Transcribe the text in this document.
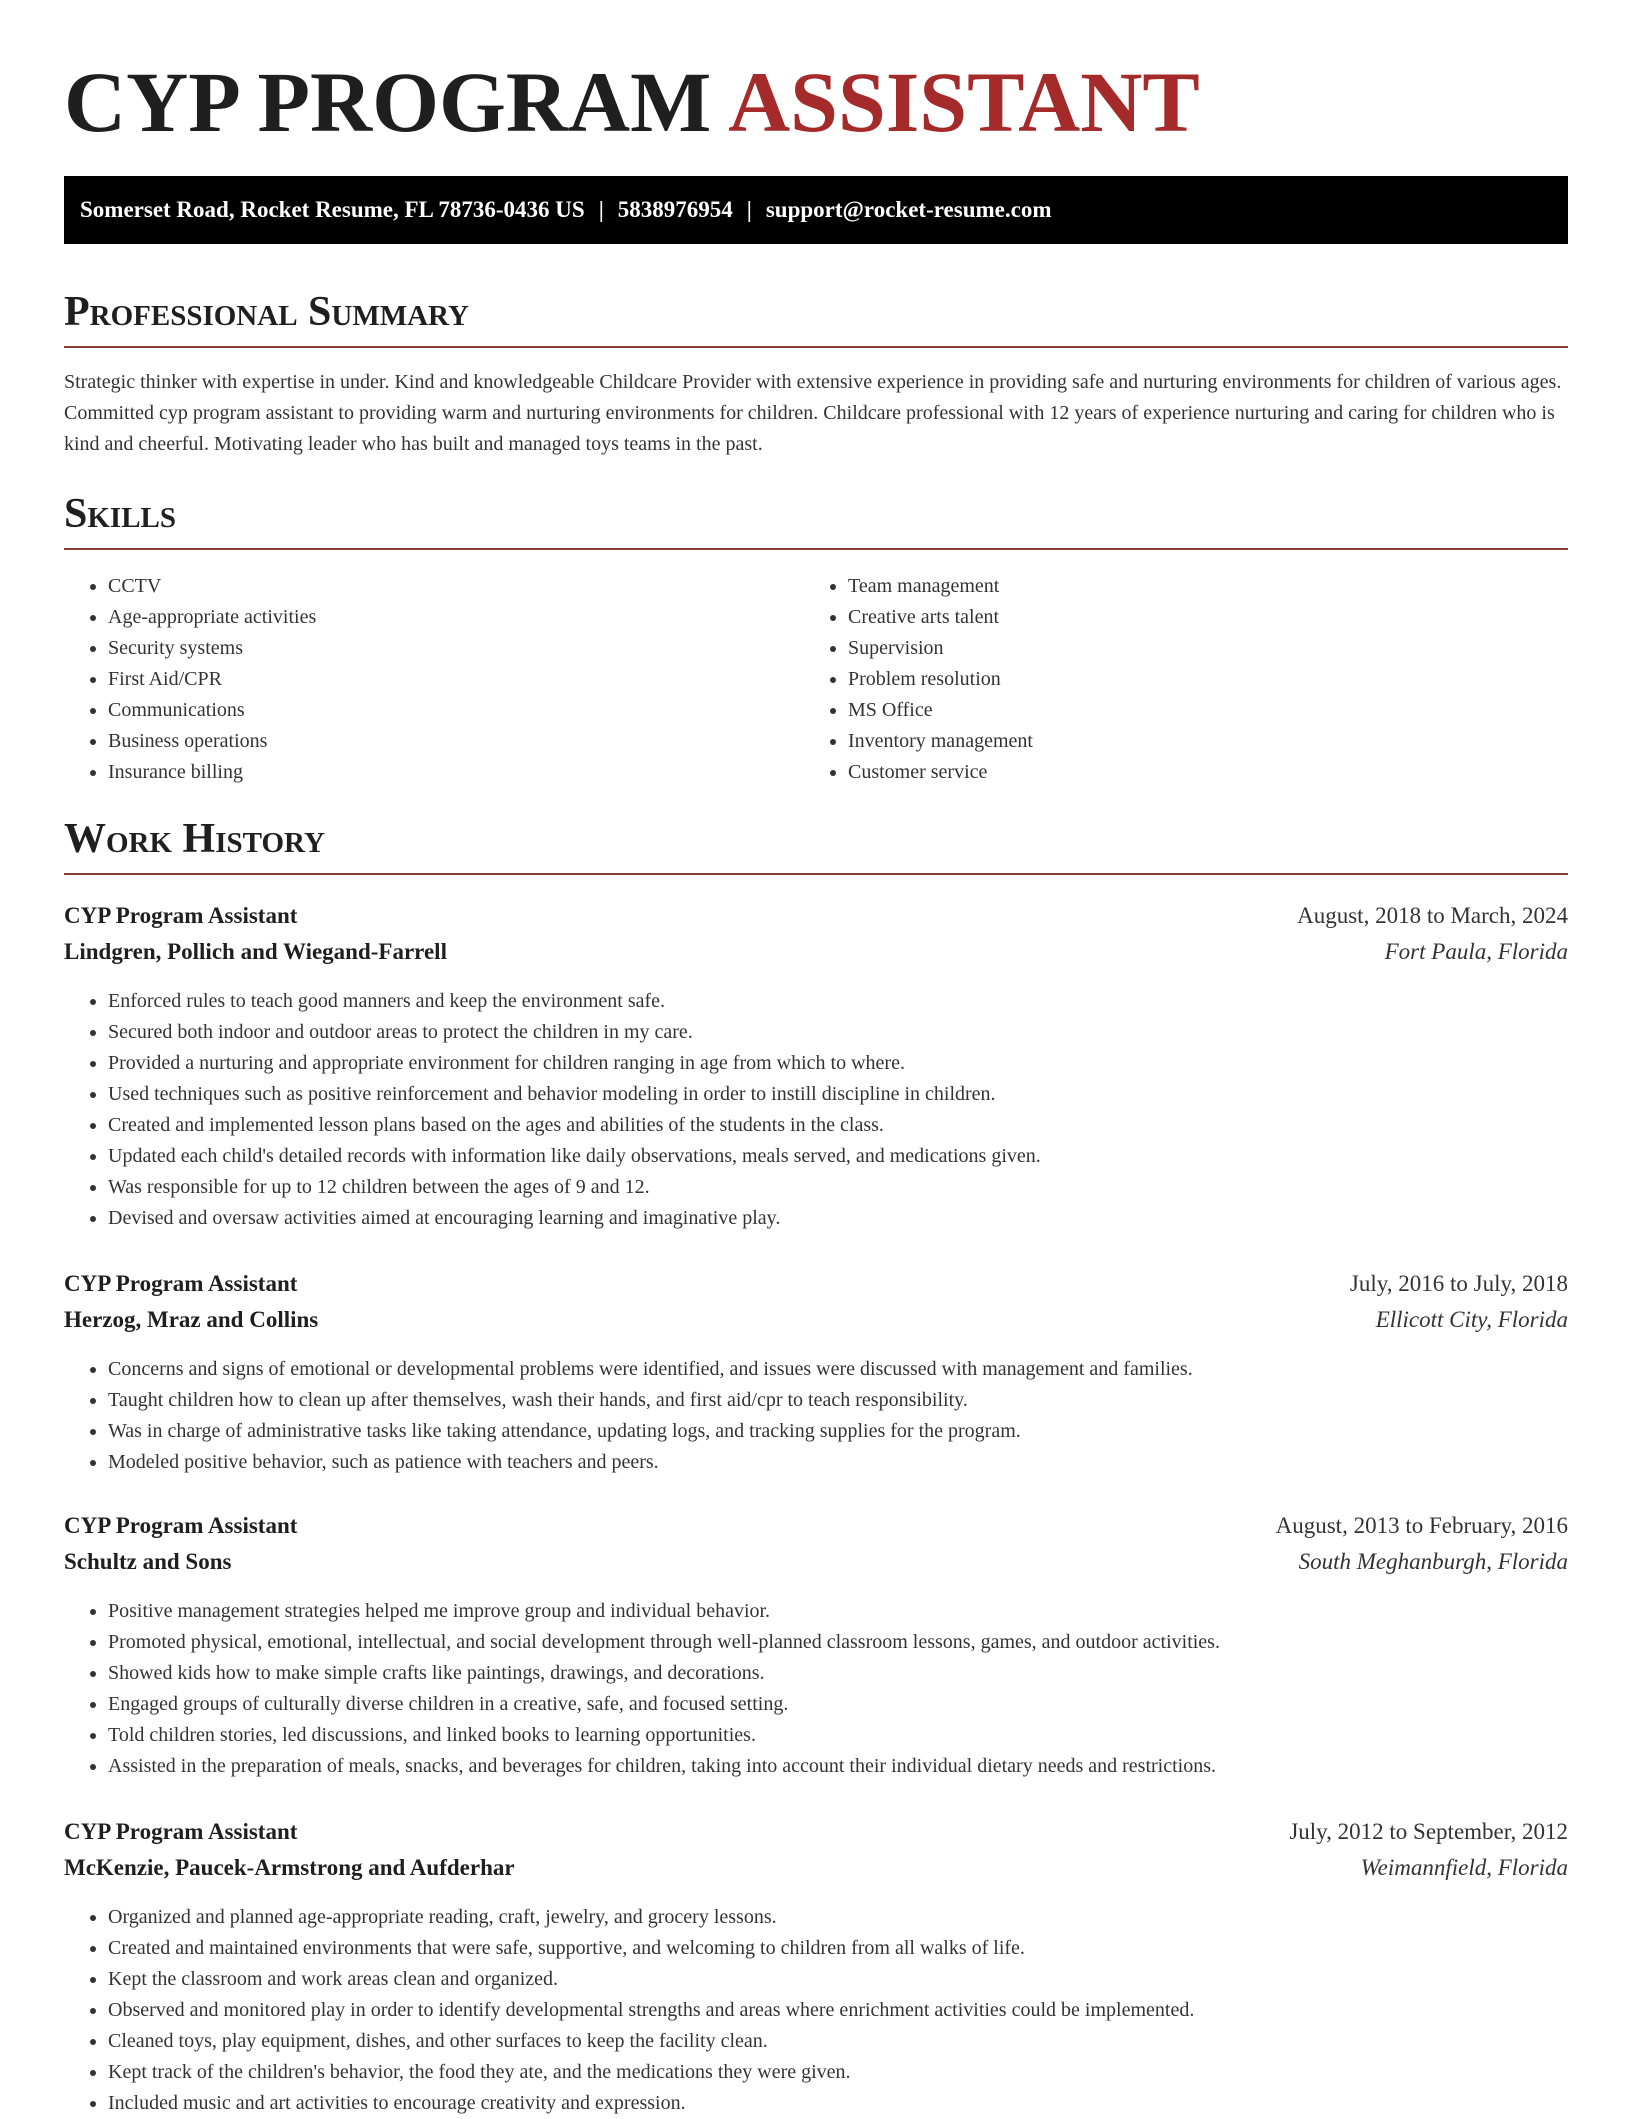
CYP PROGRAM ASSISTANT
Somerset Road, Rocket Resume, FL 78736-0436 US | 5838976954 | support@rocket-resume.com
Professional Summary

Strategic thinker with expertise in under. Kind and knowledgeable Childcare Provider with extensive experience in providing safe and nurturing environments for children of various ages. Committed cyp program assistant to providing warm and nurturing environments for children. Childcare professional with 12 years of experience nurturing and caring for children who is kind and cheerful. Motivating leader who has built and managed toys teams in the past.

Skills
• CCTV
• Age-appropriate activities
• Security systems
• First Aid/CPR
• Communications
• Business operations
• Insurance billing
• Team management
• Creative arts talent
• Supervision
• Problem resolution
• MS Office
• Inventory management
• Customer service
Work History
CYP Program Assistant	August, 2018 to March, 2024
Lindgren, Pollich and Wiegand-Farrell	Fort Paula, Florida
• Enforced rules to teach good manners and keep the environment safe.
• Secured both indoor and outdoor areas to protect the children in my care.
• Provided a nurturing and appropriate environment for children ranging in age from which to where.
• Used techniques such as positive reinforcement and behavior modeling in order to instill discipline in children.
• Created and implemented lesson plans based on the ages and abilities of the students in the class.
• Updated each child's detailed records with information like daily observations, meals served, and medications given.
• Was responsible for up to 12 children between the ages of 9 and 12.
• Devised and oversaw activities aimed at encouraging learning and imaginative play.
CYP Program Assistant	July, 2016 to July, 2018
Herzog, Mraz and Collins	Ellicott City, Florida
• Concerns and signs of emotional or developmental problems were identified, and issues were discussed with management and families.
• Taught children how to clean up after themselves, wash their hands, and first aid/cpr to teach responsibility.
• Was in charge of administrative tasks like taking attendance, updating logs, and tracking supplies for the program.
• Modeled positive behavior, such as patience with teachers and peers.
CYP Program Assistant	August, 2013 to February, 2016
Schultz and Sons	South Meghanburgh, Florida
• Positive management strategies helped me improve group and individual behavior.
• Promoted physical, emotional, intellectual, and social development through well-planned classroom lessons, games, and outdoor activities.
• Showed kids how to make simple crafts like paintings, drawings, and decorations.
• Engaged groups of culturally diverse children in a creative, safe, and focused setting.
• Told children stories, led discussions, and linked books to learning opportunities.
• Assisted in the preparation of meals, snacks, and beverages for children, taking into account their individual dietary needs and restrictions.
CYP Program Assistant	July, 2012 to September, 2012
McKenzie, Paucek-Armstrong and Aufderhar	Weimannfield, Florida
• Organized and planned age-appropriate reading, craft, jewelry, and grocery lessons.
• Created and maintained environments that were safe, supportive, and welcoming to children from all walks of life.
• Kept the classroom and work areas clean and organized.
• Observed and monitored play in order to identify developmental strengths and areas where enrichment activities could be implemented.
• Cleaned toys, play equipment, dishes, and other surfaces to keep the facility clean.
• Kept track of the children's behavior, the food they ate, and the medications they were given.
• Included music and art activities to encourage creativity and expression.
